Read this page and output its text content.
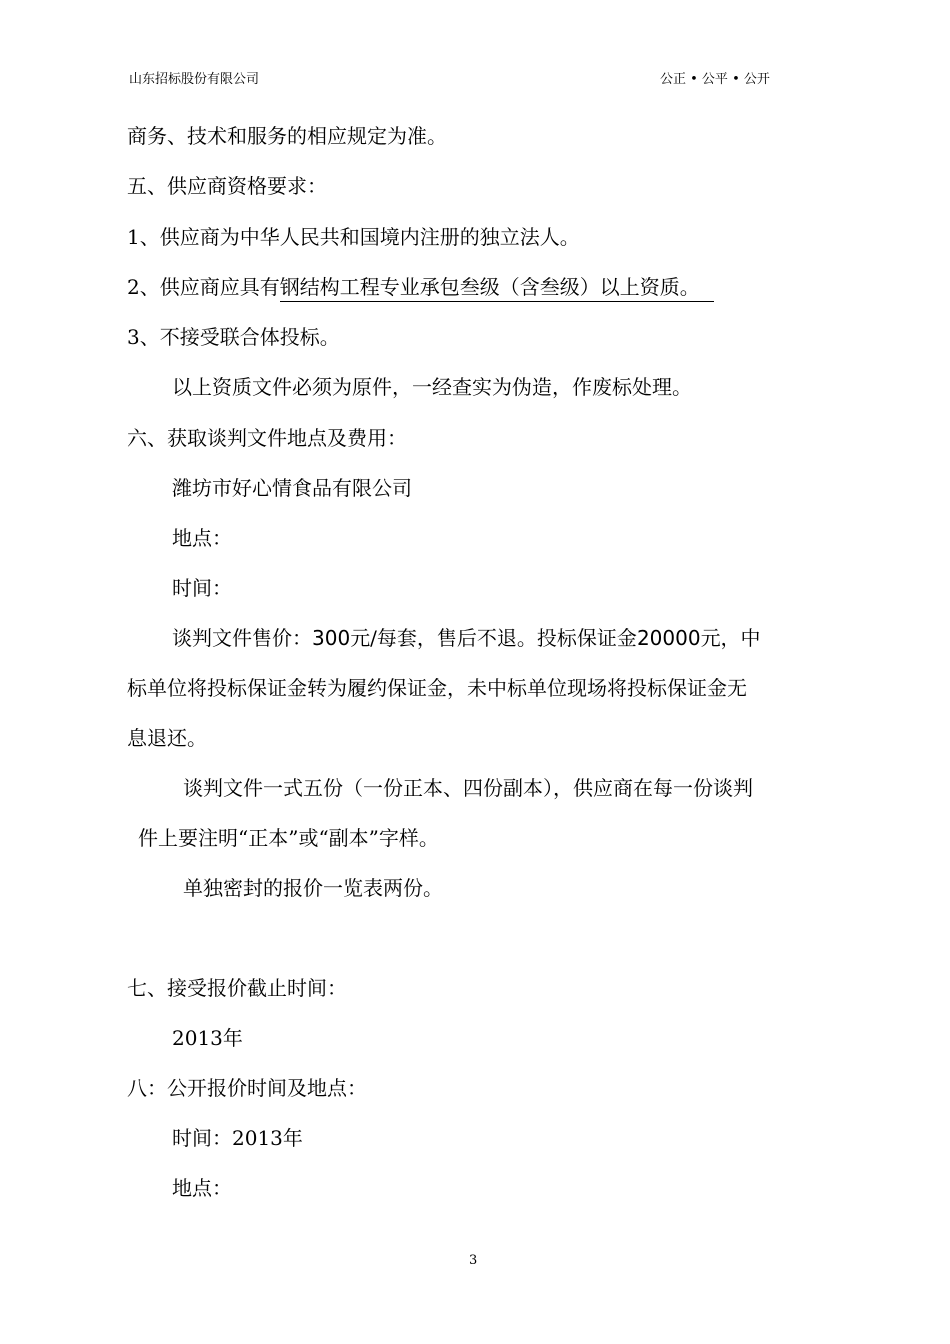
山东招标股份有限公司	公正 • 公平 • 公开
商务、技术和服务的相应规定为准。
五、供应商资格要求：
1、供应商为中华人民共和国境内注册的独立法人。
2、供应商应具有钢结构工程专业承包叁级（含叁级）以上资质。
3、不接受联合体投标。
以上资质文件必须为原件，一经查实为伪造，作废标处理。
六、获取谈判文件地点及费用：
潍坊市好心情食品有限公司
地点：
时间：
谈判文件售价：300元/每套，售后不退。投标保证金20000元，中
标单位将投标保证金转为履约保证金，未中标单位现场将投标保证金无
息退还。
谈判文件一式五份（一份正本、四份副本），供应商在每一份谈判
件上要注明“正本”或“副本”字样。
单独密封的报价一览表两份。
七、接受报价截止时间：
2013年
八：公开报价时间及地点：
时间：2013年
地点：
3
